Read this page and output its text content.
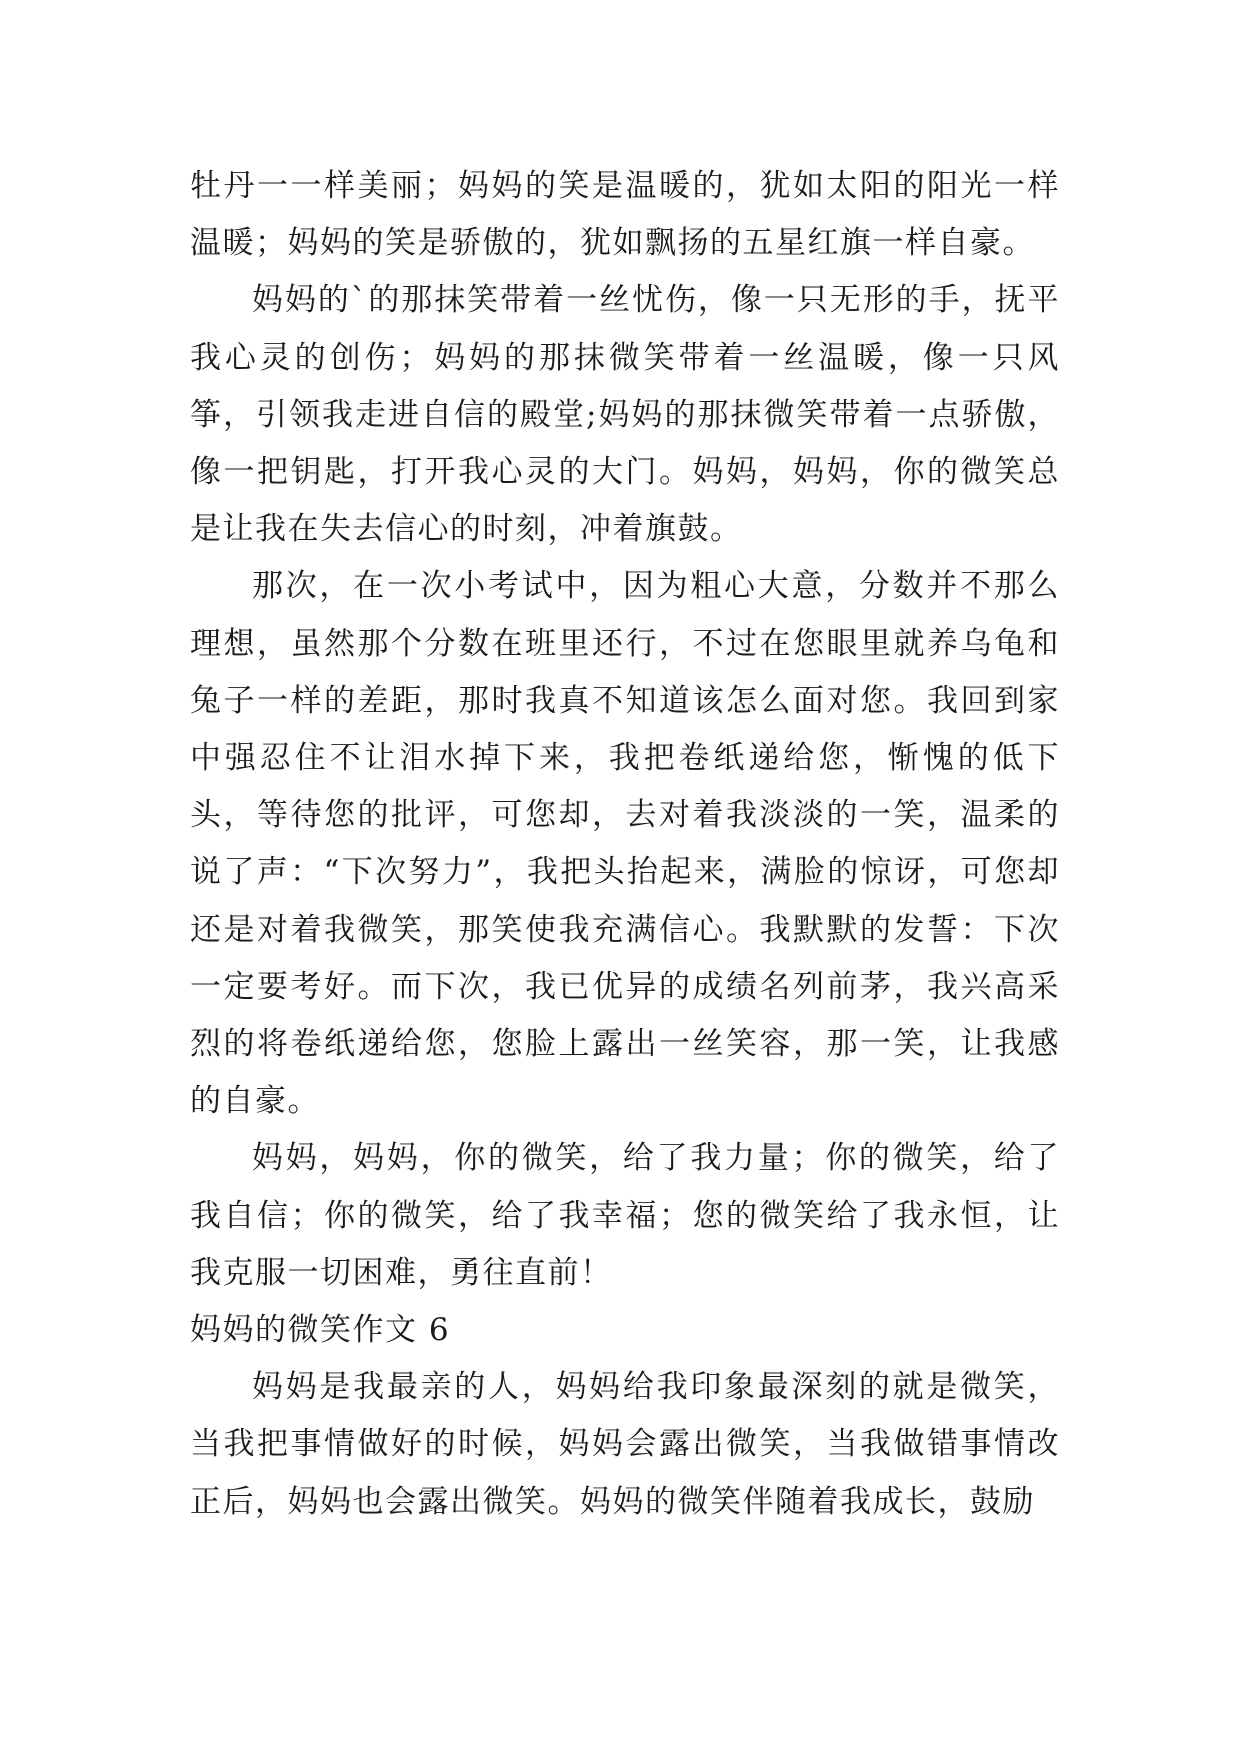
牡丹一一样美丽；妈妈的笑是温暖的，犹如太阳的阳光一样温暖；妈妈的笑是骄傲的，犹如飘扬的五星红旗一样自豪。

妈妈的`的那抹笑带着一丝忧伤，像一只无形的手，抚平我心灵的创伤；妈妈的那抹微笑带着一丝温暖，像一只风筝，引领我走进自信的殿堂;妈妈的那抹微笑带着一点骄傲，像一把钥匙，打开我心灵的大门。妈妈，妈妈，你的微笑总是让我在失去信心的时刻，冲着旗鼓。

那次，在一次小考试中，因为粗心大意，分数并不那么理想，虽然那个分数在班里还行，不过在您眼里就养乌龟和兔子一样的差距，那时我真不知道该怎么面对您。我回到家中强忍住不让泪水掉下来，我把卷纸递给您，惭愧的低下头，等待您的批评，可您却，去对着我淡淡的一笑，温柔的说了声：“下次努力”，我把头抬起来，满脸的惊讶，可您却还是对着我微笑，那笑使我充满信心。我默默的发誓：下次一定要考好。而下次，我已优异的成绩名列前茅，我兴高采烈的将卷纸递给您，您脸上露出一丝笑容，那一笑，让我感的自豪。

妈妈，妈妈，你的微笑，给了我力量；你的微笑，给了我自信；你的微笑，给了我幸福；您的微笑给了我永恒，让我克服一切困难，勇往直前！

妈妈的微笑作文 6

妈妈是我最亲的人，妈妈给我印象最深刻的就是微笑，当我把事情做好的时候，妈妈会露出微笑，当我做错事情改正后，妈妈也会露出微笑。妈妈的微笑伴随着我成长，鼓励
